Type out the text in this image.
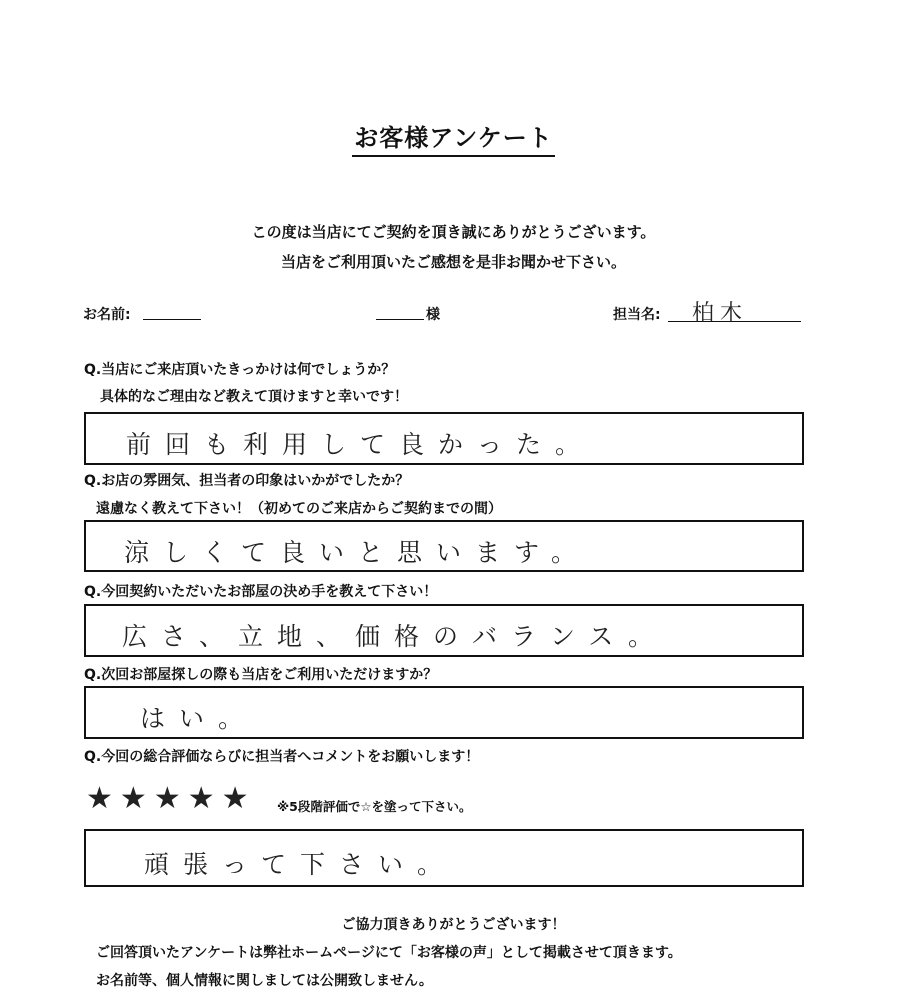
お客様アンケート
この度は当店にてご契約を頂き誠にありがとうございます。
当店をご利用頂いたご感想を是非お聞かせ下さい。
お名前:	様	担当名: 柏木
Q.当店にご来店頂いたきっかけは何でしょうか？
具体的なご理由など教えて頂けますと幸いです！
前回も利用して良かった。
Q.お店の雰囲気、担当者の印象はいかがでしたか？
遠慮なく教えて下さい！（初めてのご来店からご契約までの間）
涼しくて良いと思います。
Q.今回契約いただいたお部屋の決め手を教えて下さい！
広さ、立地、価格のバランス。
Q.次回お部屋探しの際も当店をご利用いただけますか？
はい。
Q.今回の総合評価ならびに担当者へコメントをお願いします！
★ ★ ★ ★ ★	※5段階評価で☆を塗って下さい。
頑張って下さい。
ご協力頂きありがとうございます！
ご回答頂いたアンケートは弊社ホームページにて「お客様の声」として掲載させて頂きます。
お名前等、個人情報に関しましては公開致しません。
